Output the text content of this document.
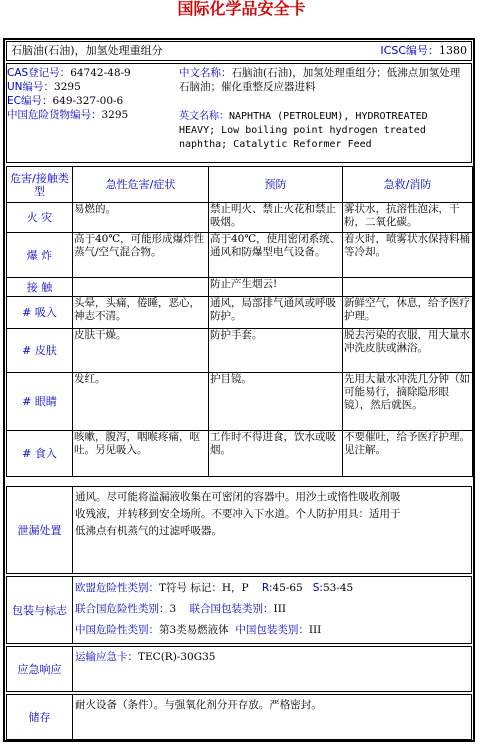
国际化学品安全卡
石脑油(石油)，加氢处理重组分	ICSC编号：1380
CAS登记号：64742-48-9
UN编号：3295
EC编号：649-327-00-6
中国危险货物编号：3295
中文名称：石脑油(石油)，加氢处理重组分；低沸点加氢处理石脑油；催化重整反应器进料
英文名称：NAPHTHA (PETROLEUM), HYDROTREATED HEAVY; Low boiling point hydrogen treated naphtha; Catalytic Reformer Feed
危害/接触类型	急性危害/症状	预防	急救/消防
火 灾	易燃的。	禁止明火、禁止火花和禁止吸烟。	雾状水，抗溶性泡沫，干粉，二氧化碳。
爆 炸	高于40℃，可能形成爆炸性蒸气/空气混合物。	高于40℃，使用密闭系统、通风和防爆型电气设备。	着火时，喷雾状水保持料桶等冷却。
接 触		防止产生烟云!	
# 吸入	头晕，头痛，倦睡，恶心，神志不清。	通风，局部排气通风或呼吸防护。	新鲜空气，休息，给予医疗护理。
# 皮肤	皮肤干燥。	防护手套。	脱去污染的衣服，用大量水冲洗皮肤或淋浴。
# 眼睛	发红。	护目镜。	先用大量水冲洗几分钟（如可能易行，摘除隐形眼镜），然后就医。
# 食入	咳嗽，腹泻，咽喉疼痛，呕吐。另见吸入。	工作时不得进食，饮水或吸烟。	不要催吐，给予医疗护理。见注解。
泄漏处置
通风。尽可能将溢漏液收集在可密闭的容器中。用沙土或惰性吸收剂吸
收残液，并转移到安全场所。不要冲入下水道。个人防护用具：适用于
低沸点有机蒸气的过滤呼吸器。
包装与标志
欧盟危险性类别：T符号 标记：H，P R:45-65 S:53-45
联合国危险性类别：3 联合国包装类别：III
中国危险性类别：第3类易燃液体 中国包装类别：III
应急响应
运输应急卡：TEC(R)-30G35
储存
耐火设备（条件）。与强氧化剂分开存放。严格密封。
